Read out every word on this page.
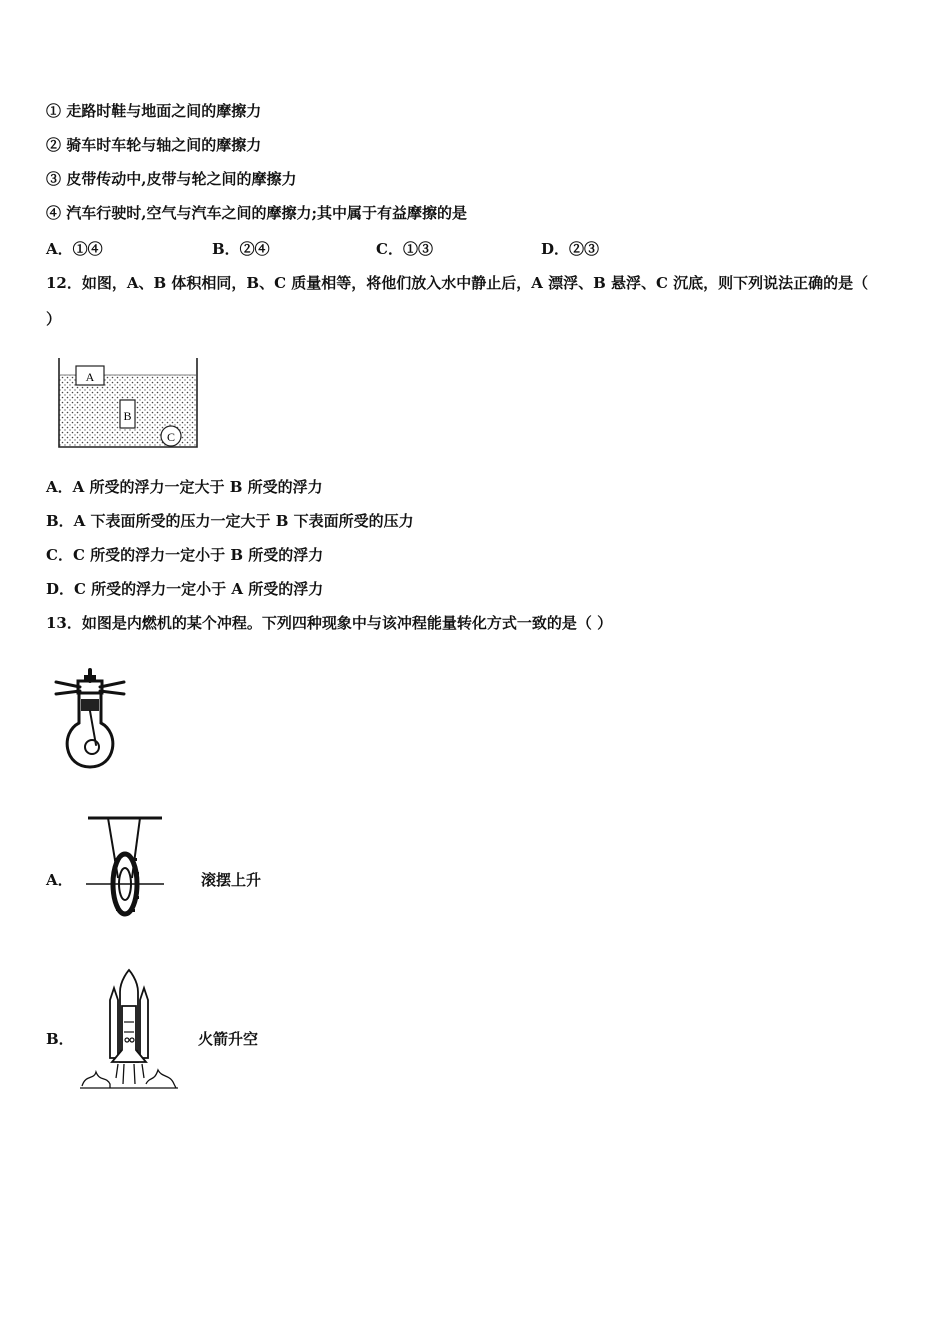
① 走路时鞋与地面之间的摩擦力
② 骑车时车轮与轴之间的摩擦力
③ 皮带传动中,皮带与轮之间的摩擦力
④ 汽车行驶时,空气与汽车之间的摩擦力;其中属于有益摩擦的是
A．①④	B．②④	C．①③	D．②③
12．如图，A、B 体积相同，B、C 质量相等，将他们放入水中静止后，A 漂浮、B 悬浮、C 沉底，则下列说法正确的是（
）
A
B
C
A．A 所受的浮力一定大于 B 所受的浮力
B．A 下表面所受的压力一定大于 B 下表面所受的压力
C．C 所受的浮力一定小于 B 所受的浮力
D．C 所受的浮力一定小于 A 所受的浮力
13．如图是内燃机的某个冲程。下列四种现象中与该冲程能量转化方式一致的是（ ）
A．	滚摆上升
B．	火箭升空
